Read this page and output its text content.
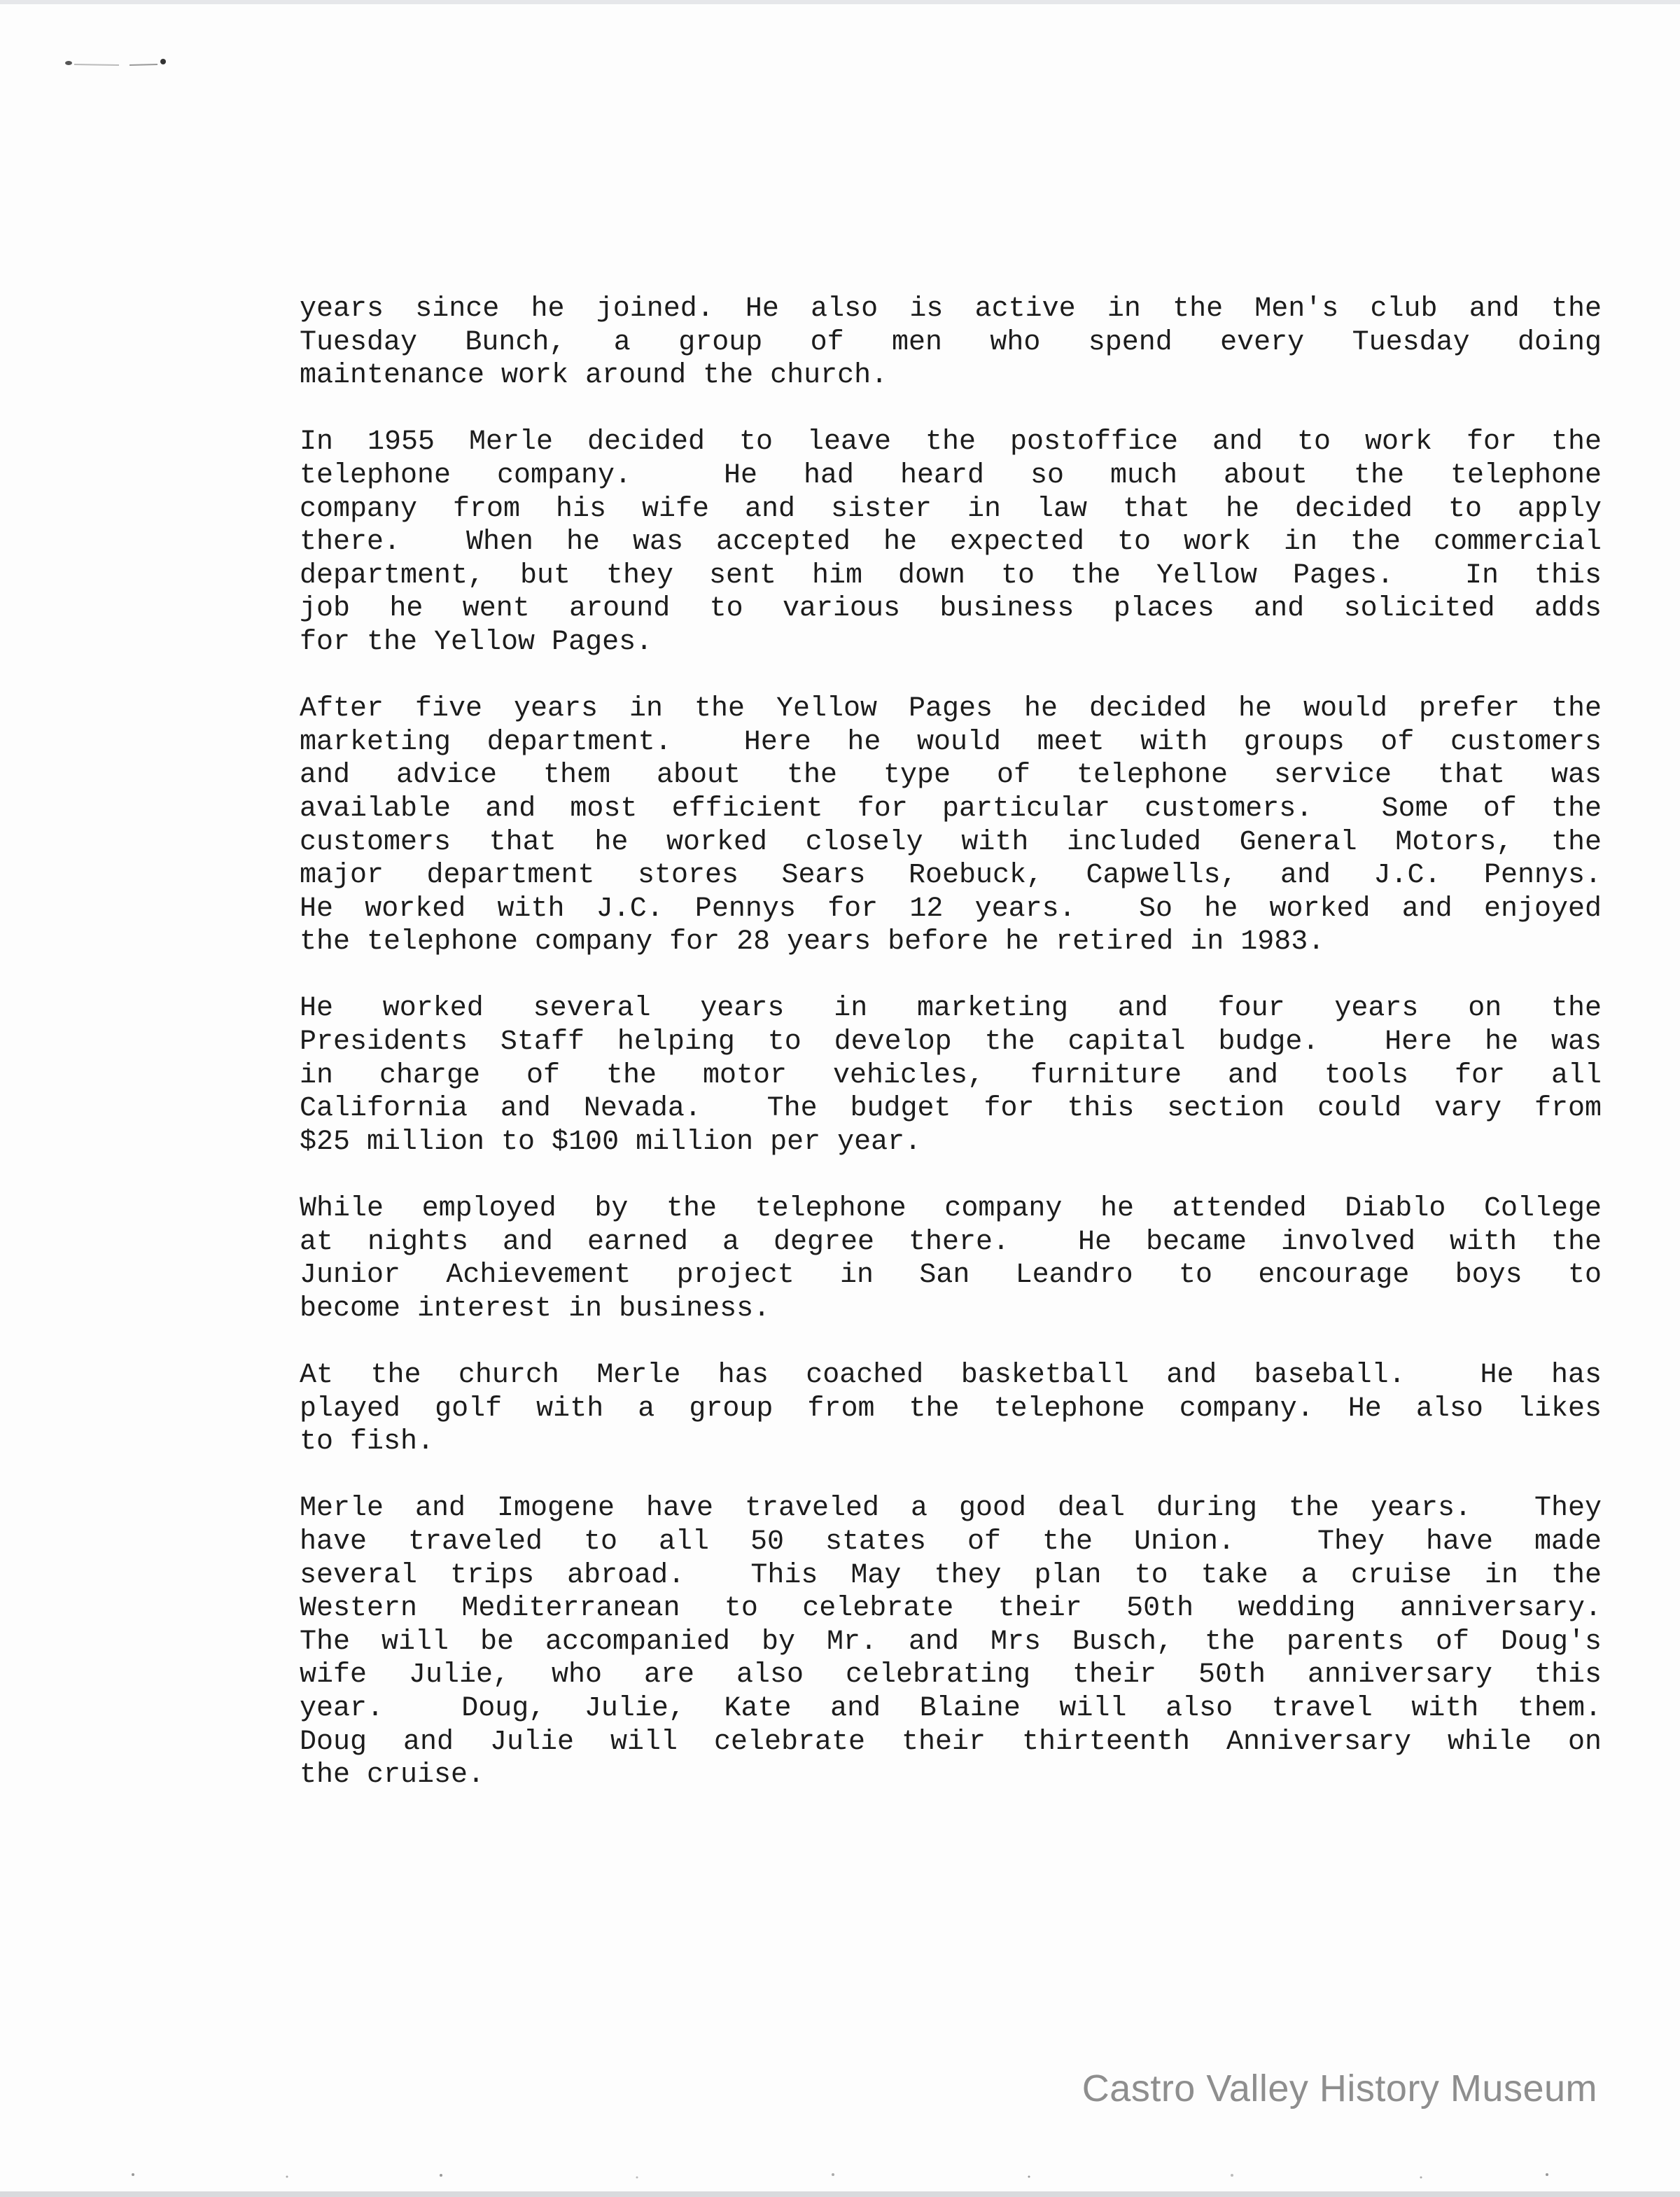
years since he joined. He also is active in the Men's club and the
Tuesday Bunch, a group of men who spend every Tuesday doing
maintenance work around the church.
In 1955 Merle decided to leave the postoffice and to work for the
telephone company.  He had heard so much about the telephone
company from his wife and sister in law that he decided to apply
there.  When he was accepted he expected to work in the commercial
department, but they sent him down to the Yellow Pages.  In this
job he went around to various business places and solicited adds
for the Yellow Pages.
After five years in the Yellow Pages he decided he would prefer the
marketing department.  Here he would meet with groups of customers
and advice them about the type of telephone service that was
available and most efficient for particular customers.  Some of the
customers that he worked closely with included General Motors, the
major department stores Sears Roebuck, Capwells, and J.C. Pennys.
He worked with J.C. Pennys for 12 years.  So he worked and enjoyed
the telephone company for 28 years before he retired in 1983.
He worked several years in marketing and four years on the
Presidents Staff helping to develop the capital budge.  Here he was
in charge of the motor vehicles, furniture and tools for all
California and Nevada.  The budget for this section could vary from
$25 million to $100 million per year.
While employed by the telephone company he attended Diablo College
at nights and earned a degree there.  He became involved with the
Junior Achievement project in San Leandro to encourage boys to
become interest in business.
At the church Merle has coached basketball and baseball.  He has
played golf with a group from the telephone company. He also likes
to fish.
Merle and Imogene have traveled a good deal during the years.  They
have traveled to all 50 states of the Union.  They have made
several trips abroad.  This May they plan to take a cruise in the
Western Mediterranean to celebrate their 50th wedding anniversary.
The will be accompanied by Mr. and Mrs Busch, the parents of Doug's
wife Julie, who are also celebrating their 50th anniversary this
year.  Doug, Julie, Kate and Blaine will also travel with them.
Doug and Julie will celebrate their thirteenth Anniversary while on
the cruise.
Castro Valley History Museum
